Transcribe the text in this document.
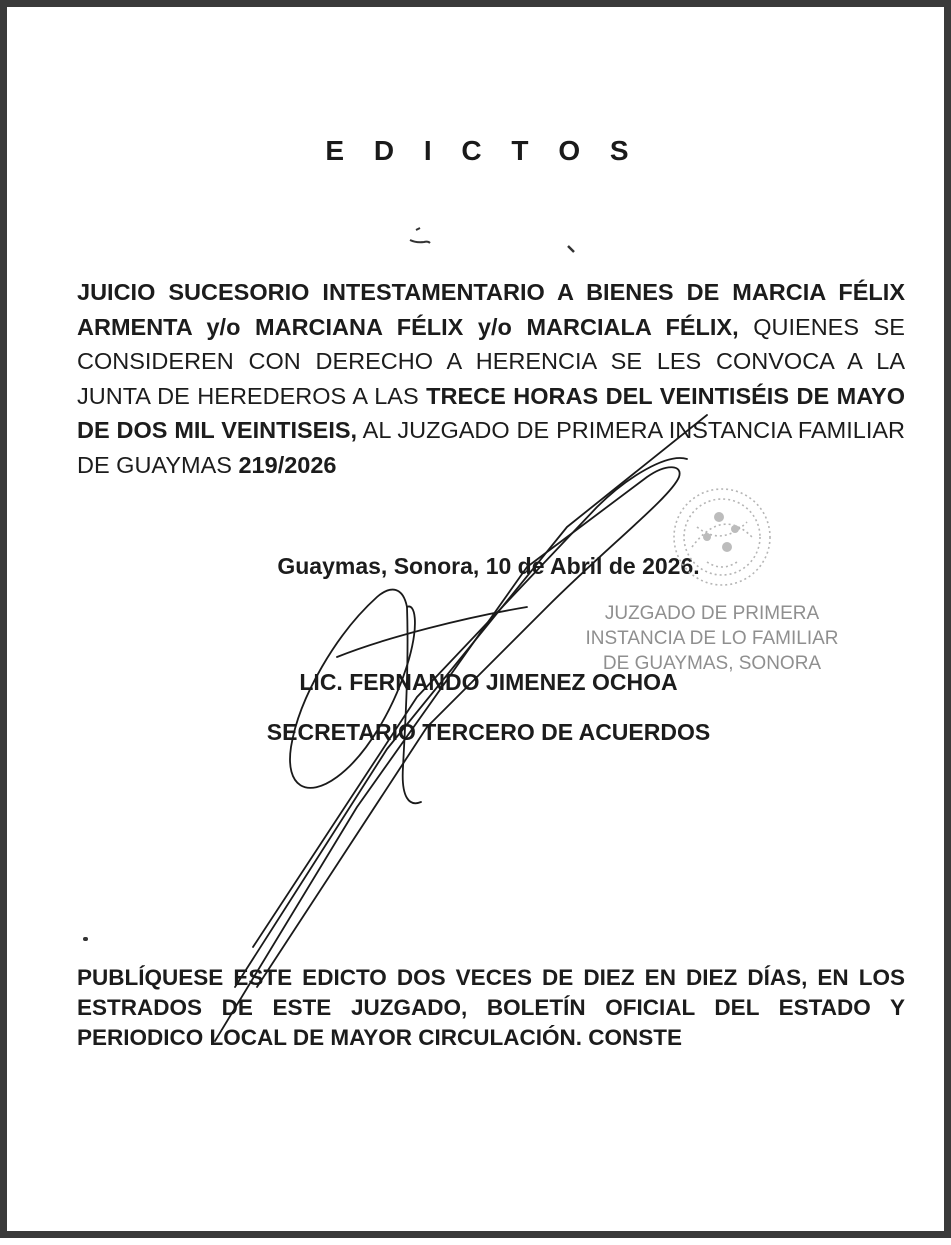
E D I C T O S
JUICIO SUCESORIO INTESTAMENTARIO A BIENES DE MARCIA FÉLIX ARMENTA y/o MARCIANA FÉLIX y/o MARCIALA FÉLIX, QUIENES SE CONSIDEREN CON DERECHO A HERENCIA SE LES CONVOCA A LA JUNTA DE HEREDEROS A LAS TRECE HORAS DEL VEINTISÉIS DE MAYO DE DOS MIL VEINTISEIS, AL JUZGADO DE PRIMERA INSTANCIA FAMILIAR DE GUAYMAS 219/2026
Guaymas, Sonora, 10 de Abril de 2026.
JUZGADO DE PRIMERA
INSTANCIA DE LO FAMILIAR
DE GUAYMAS, SONORA
LIC. FERNANDO JIMENEZ OCHOA
SECRETARIO TERCERO DE ACUERDOS
PUBLÍQUESE ESTE EDICTO DOS VECES DE DIEZ EN DIEZ DÍAS, EN LOS ESTRADOS DE ESTE JUZGADO, BOLETÍN OFICIAL DEL ESTADO Y PERIODICO LOCAL DE MAYOR CIRCULACIÓN. CONSTE
